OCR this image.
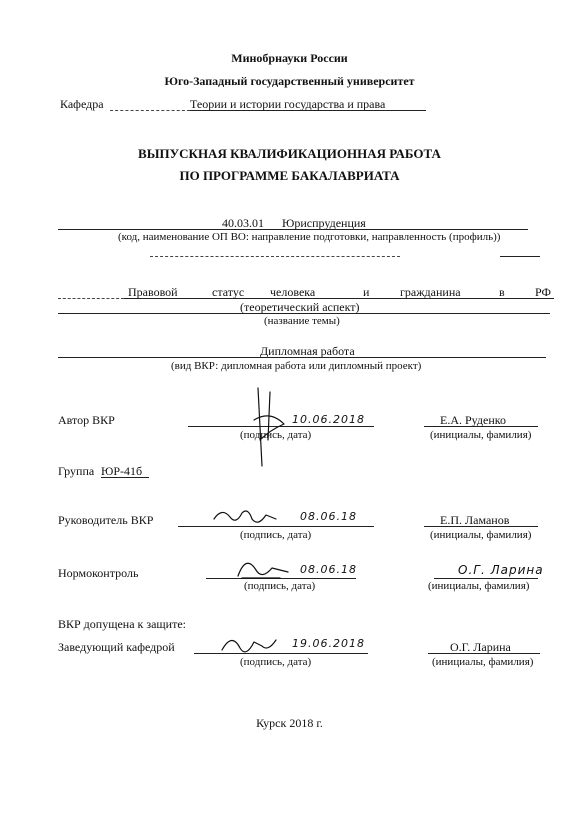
Минобрнауки России
Юго-Западный государственный университет
Кафедра	Теории и истории государства и права
ВЫПУСКНАЯ КВАЛИФИКАЦИОННАЯ РАБОТА
ПО ПРОГРАММЕ БАКАЛАВРИАТА
40.03.01 Юриспруденция
(код, наименование ОП ВО: направление подготовки, направленность (профиль))
Правовой	статус человека	и	гражданина	в	РФ
(теоретический аспект)
(название темы)
Дипломная работа
(вид ВКР: дипломная работа или дипломный проект)
Автор ВКР	10.06.2018
(подпись, дата)
Е.А. Руденко
(инициалы, фамилия)
Группа ЮР-41б
Руководитель ВКР	08.06.18
(подпись, дата)
Е.П. Ламанов
(инициалы, фамилия)
Нормоконтроль	08.06.18
(подпись, дата)
О.Г. Ларина
(инициалы, фамилия)
ВКР допущена к защите:
Заведующий кафедрой	19.06.2018
(подпись, дата)
О.Г. Ларина
(инициалы, фамилия)
Курск 2018 г.
